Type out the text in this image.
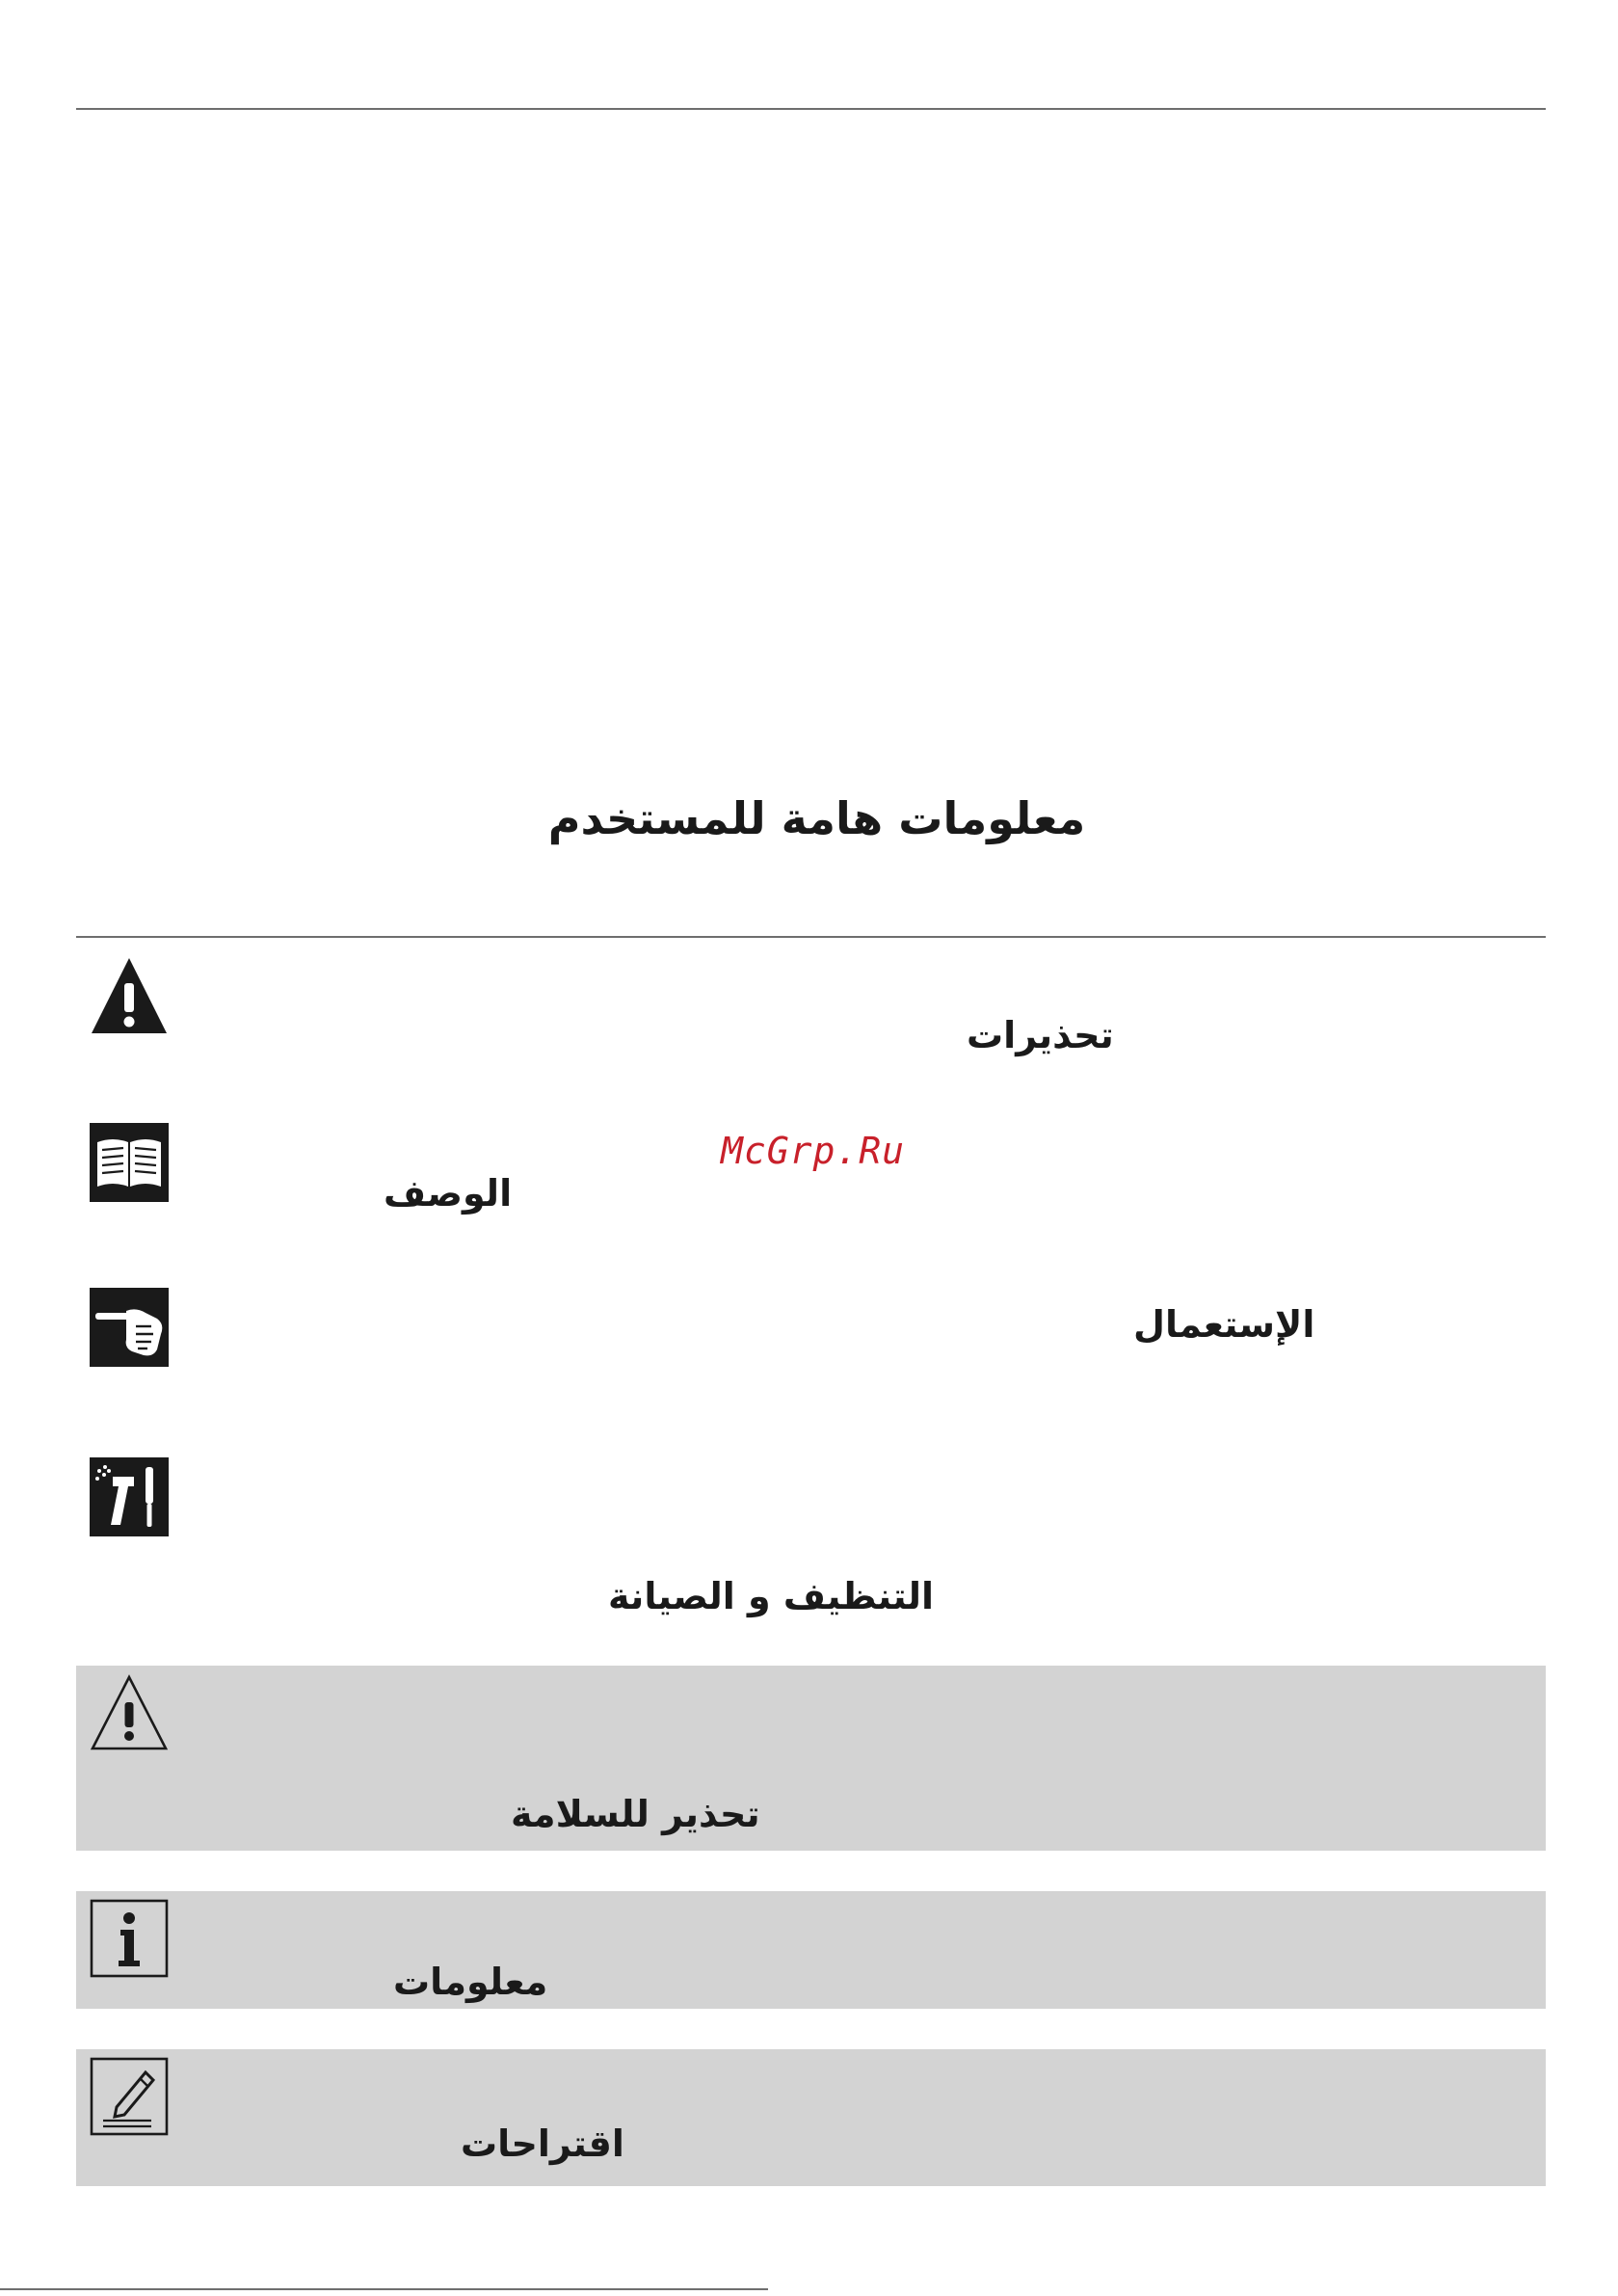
معلومات هامة للمستخدم
تحذيرات
McGrp.Ru
الوصف
الإستعمال
التنظيف و الصيانة
تحذير للسلامة
معلومات
اقتراحات
